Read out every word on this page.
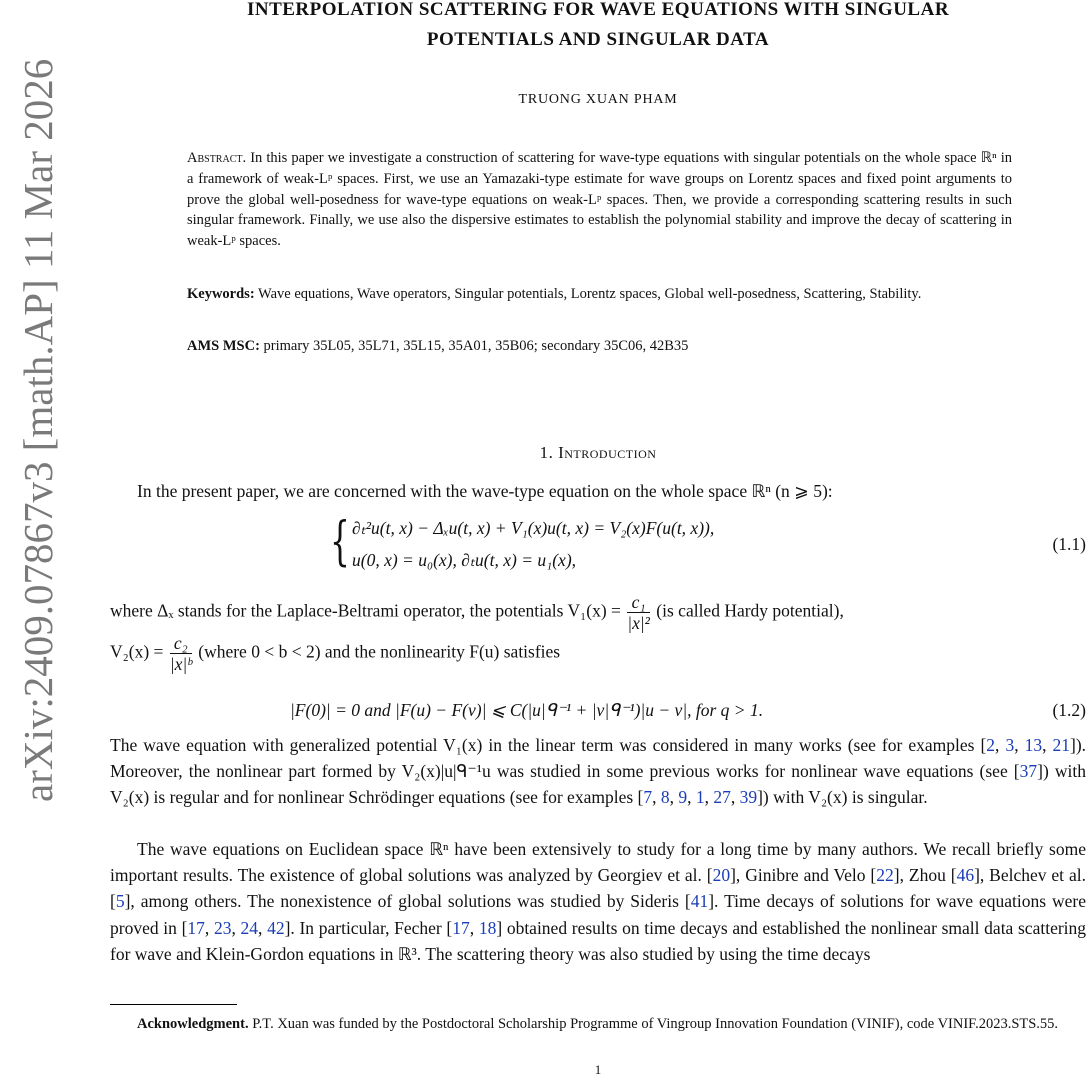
arXiv:2409.07867v3 [math.AP] 11 Mar 2026
INTERPOLATION SCATTERING FOR WAVE EQUATIONS WITH SINGULAR
POTENTIALS AND SINGULAR DATA
TRUONG XUAN PHAM
Abstract. In this paper we investigate a construction of scattering for wave-type equations with singular potentials on the whole space ℝⁿ in a framework of weak-Lᵖ spaces. First, we use an Yamazaki-type estimate for wave groups on Lorentz spaces and fixed point arguments to prove the global well-posedness for wave-type equations on weak-Lᵖ spaces. Then, we provide a corresponding scattering results in such singular framework. Finally, we use also the dispersive estimates to establish the polynomial stability and improve the decay of scattering in weak-Lᵖ spaces.
Keywords: Wave equations, Wave operators, Singular potentials, Lorentz spaces, Global well-posedness, Scattering, Stability.
AMS MSC: primary 35L05, 35L71, 35L15, 35A01, 35B06; secondary 35C06, 42B35
1. Introduction
In the present paper, we are concerned with the wave-type equation on the whole space ℝⁿ (n ⩾ 5):
{ ∂ₜ²u(t, x) − Δₓu(t, x) + V₁(x)u(t, x) = V₂(x)F(u(t, x)),
u(0, x) = u₀(x), ∂ₜu(t, x) = u₁(x),
(1.1)
where Δₓ stands for the Laplace-Beltrami operator, the potentials $V_1(x) = \frac{\text{c₁}}{\text{|x|²}} (is$ called Hardy potential),
$V_2(x) = \frac{\text{c₂}}{\text{|x|ᵇ}}$ (where 0 < b < 2) and the nonlinearity F(u) satisfies
|F(0)| = 0 and |F(u) − F(v)| ⩽ C(|u|ᑫ⁻¹ + |v|ᑫ⁻¹)|u − v|, for q > 1.	(1.2)
The wave equation with generalized potential V₁(x) in the linear term was considered in many works (see for examples [2, 3, 13, 21]). Moreover, the nonlinear part formed by V₂(x)|u|ᑫ⁻¹u was studied in some previous works for nonlinear wave equations (see [37]) with V₂(x) is regular and for nonlinear Schrödinger equations (see for examples [7, 8, 9, 1, 27, 39]) with V₂(x) is singular.
The wave equations on Euclidean space ℝⁿ have been extensively to study for a long time by many authors. We recall briefly some important results. The existence of global solutions was analyzed by Georgiev et al. [20], Ginibre and Velo [22], Zhou [46], Belchev et al. [5], among others. The nonexistence of global solutions was studied by Sideris [41]. Time decays of solutions for wave equations were proved in [17, 23, 24, 42]. In particular, Fecher [17, 18] obtained results on time decays and established the nonlinear small data scattering for wave and Klein-Gordon equations in ℝ³. The scattering theory was also studied by using the time decays
Acknowledgment. P.T. Xuan was funded by the Postdoctoral Scholarship Programme of Vingroup Innovation Foundation (VINIF), code VINIF.2023.STS.55.
1
